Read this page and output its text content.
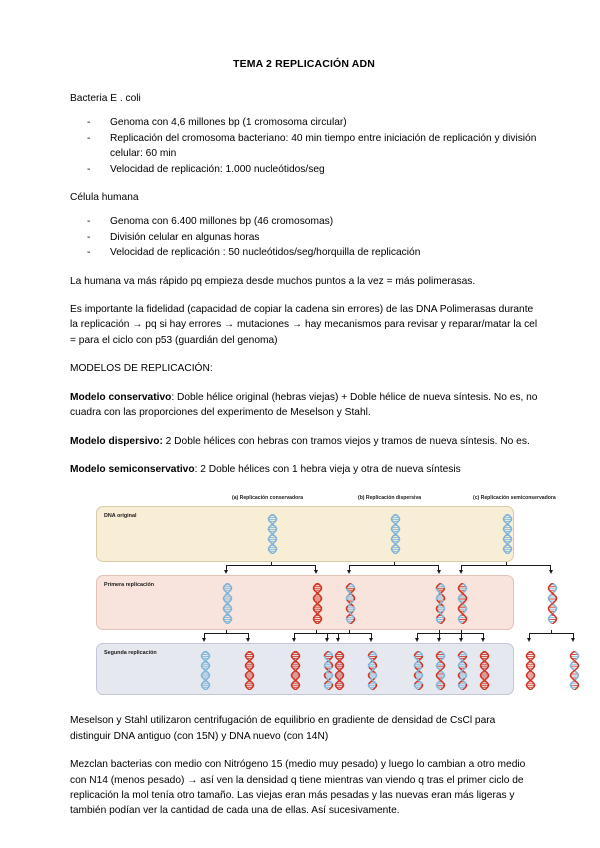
TEMA 2 REPLICACIÓN ADN

Bacteria E . coli

- Genoma con 4,6 millones bp (1 cromosoma circular)
- Replicación del cromosoma bacteriano: 40 min tiempo entre iniciación de replicación y división celular: 60 min
- Velocidad de replicación: 1.000 nucleótidos/seg

Célula humana

- Genoma con 6.400 millones bp (46 cromosomas)
- División celular en algunas horas
- Velocidad de replicación : 50 nucleótidos/seg/horquilla de replicación

La humana va más rápido pq empieza desde muchos puntos a la vez = más polimerasas.

Es importante la fidelidad (capacidad de copiar la cadena sin errores) de las DNA Polimerasas durante la replicación → pq si hay errores → mutaciones → hay mecanismos para revisar y reparar/matar la cel = para el ciclo con p53 (guardián del genoma)

MODELOS DE REPLICACIÓN:

Modelo conservativo: Doble hélice original (hebras viejas) + Doble hélice de nueva síntesis. No es, no cuadra con las proporciones del experimento de Meselson y Stahl.

Modelo dispersivo: 2 Doble hélices con hebras con tramos viejos y tramos de nueva síntesis. No es.

Modelo semiconservativo: 2 Doble hélices con 1 hebra vieja y otra de nueva síntesis

(a) Replicación conservadora	(b) Replicación dispersiva	(c) Replicación semiconservadora
DNA original
Primera replicación
Segunda replicación

Meselson y Stahl utilizaron centrifugación de equilibrio en gradiente de densidad de CsCl para distinguir DNA antiguo (con 15N) y DNA nuevo (con 14N)

Mezclan bacterias con medio con Nitrógeno 15 (medio muy pesado) y luego lo cambian a otro medio con N14 (menos pesado) → así ven la densidad q tiene mientras van viendo q tras el primer ciclo de replicación la mol tenía otro tamaño. Las viejas eran más pesadas y las nuevas eran más ligeras y también podían ver la cantidad de cada una de ellas. Así sucesivamente.
